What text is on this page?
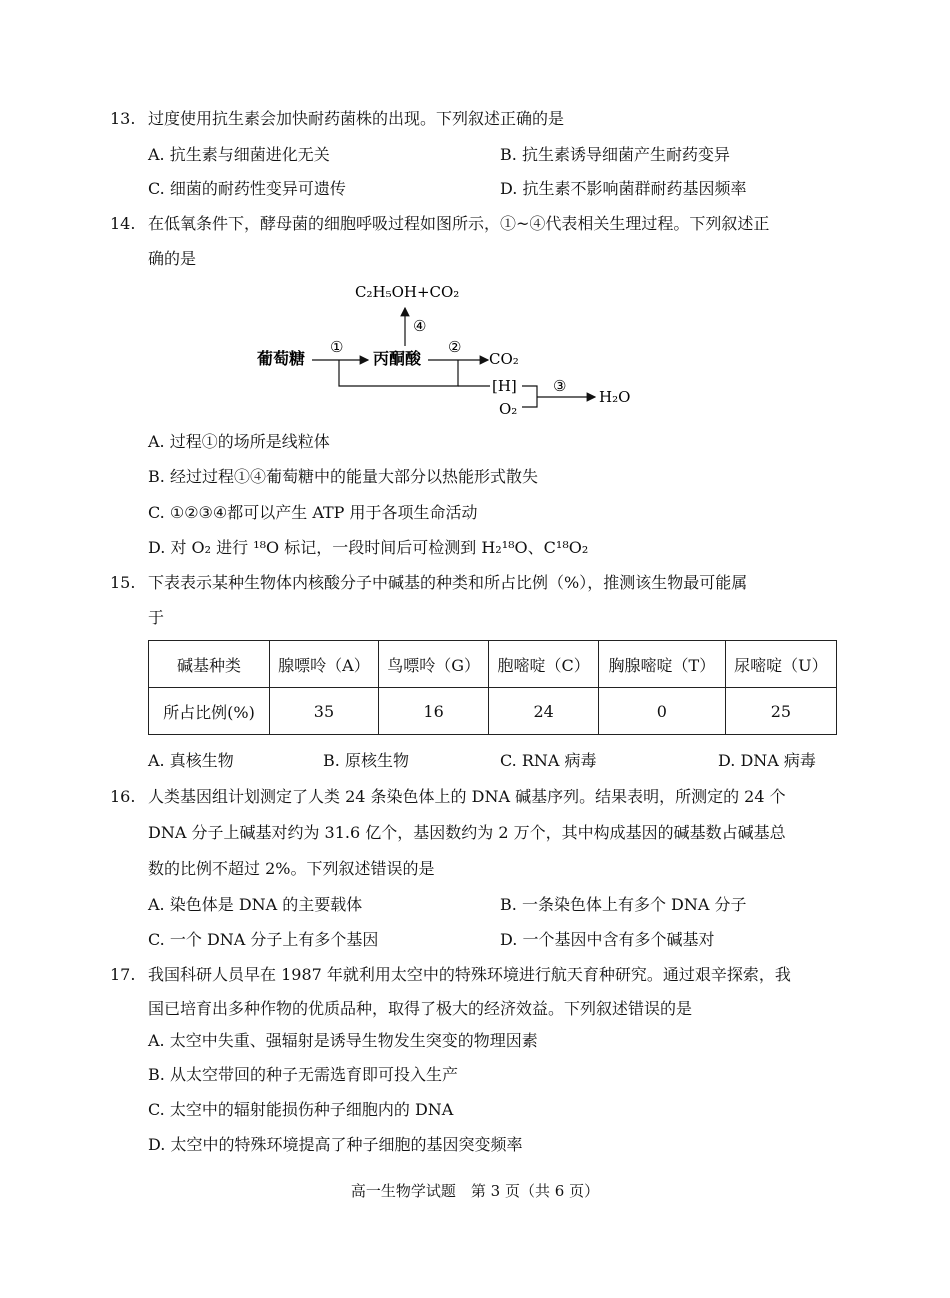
13. 过度使用抗生素会加快耐药菌株的出现。下列叙述正确的是
A. 抗生素与细菌进化无关	B. 抗生素诱导细菌产生耐药变异
C. 细菌的耐药性变异可遗传	D. 抗生素不影响菌群耐药基因频率
14. 在低氧条件下，酵母菌的细胞呼吸过程如图所示，①~④代表相关生理过程。下列叙述正
确的是
C₂H₅OH+CO₂
④
葡萄糖
①
丙酮酸
②
CO₂
[H]
O₂
③
H₂O
A. 过程①的场所是线粒体
B. 经过过程①④葡萄糖中的能量大部分以热能形式散失
C. ①②③④都可以产生 ATP 用于各项生命活动
D. 对 O₂ 进行 ¹⁸O 标记，一段时间后可检测到 H₂¹⁸O、C¹⁸O₂
15. 下表表示某种生物体内核酸分子中碱基的种类和所占比例（%），推测该生物最可能属
于
碱基种类	腺嘌呤（A）	鸟嘌呤（G）	胞嘧啶（C）	胸腺嘧啶（T）	尿嘧啶（U）
所占比例(%)	35	16	24	0	25
A. 真核生物	B. 原核生物	C. RNA 病毒	D. DNA 病毒
16. 人类基因组计划测定了人类 24 条染色体上的 DNA 碱基序列。结果表明，所测定的 24 个
DNA 分子上碱基对约为 31.6 亿个，基因数约为 2 万个，其中构成基因的碱基数占碱基总
数的比例不超过 2%。下列叙述错误的是
A. 染色体是 DNA 的主要载体	B. 一条染色体上有多个 DNA 分子
C. 一个 DNA 分子上有多个基因	D. 一个基因中含有多个碱基对
17. 我国科研人员早在 1987 年就利用太空中的特殊环境进行航天育种研究。通过艰辛探索，我
国已培育出多种作物的优质品种，取得了极大的经济效益。下列叙述错误的是
A. 太空中失重、强辐射是诱导生物发生突变的物理因素
B. 从太空带回的种子无需选育即可投入生产
C. 太空中的辐射能损伤种子细胞内的 DNA
D. 太空中的特殊环境提高了种子细胞的基因突变频率
高一生物学试题　第 3 页（共 6 页）
